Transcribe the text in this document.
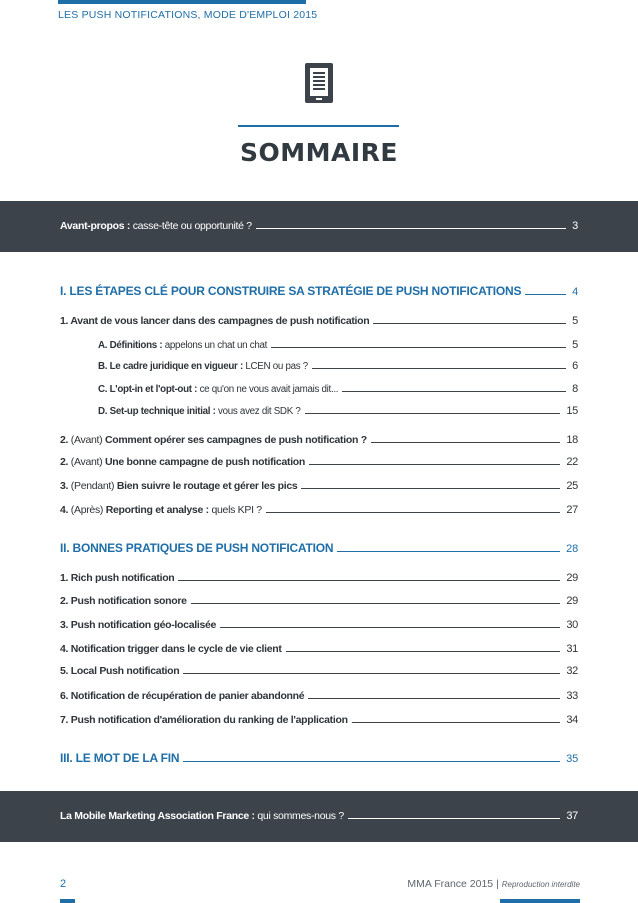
LES PUSH NOTIFICATIONS, MODE D'EMPLOI 2015
SOMMAIRE
Avant-propos : casse-tête ou opportunité ?	3
I. LES ÉTAPES CLÉ POUR CONSTRUIRE SA STRATÉGIE DE PUSH NOTIFICATIONS	4
1. Avant de vous lancer dans des campagnes de push notification	5
A. Définitions : appelons un chat un chat	5
B. Le cadre juridique en vigueur : LCEN ou pas ?	6
C. L'opt-in et l'opt-out : ce qu'on ne vous avait jamais dit...	8
D. Set-up technique initial : vous avez dit SDK ?	15
2. (Avant) Comment opérer ses campagnes de push notification ?	18
2. (Avant) Une bonne campagne de push notification	22
3. (Pendant) Bien suivre le routage et gérer les pics	25
4. (Après) Reporting et analyse : quels KPI ?	27
II. BONNES PRATIQUES DE PUSH NOTIFICATION	28
1. Rich push notification	29
2. Push notification sonore	29
3. Push notification géo-localisée	30
4. Notification trigger dans le cycle de vie client	31
5. Local Push notification	32
6. Notification de récupération de panier abandonné	33
7. Push notification d'amélioration du ranking de l'application	34
III. LE MOT DE LA FIN	35
La Mobile Marketing Association France : qui sommes-nous ?	37
2	MMA France 2015 | Reproduction interdite
